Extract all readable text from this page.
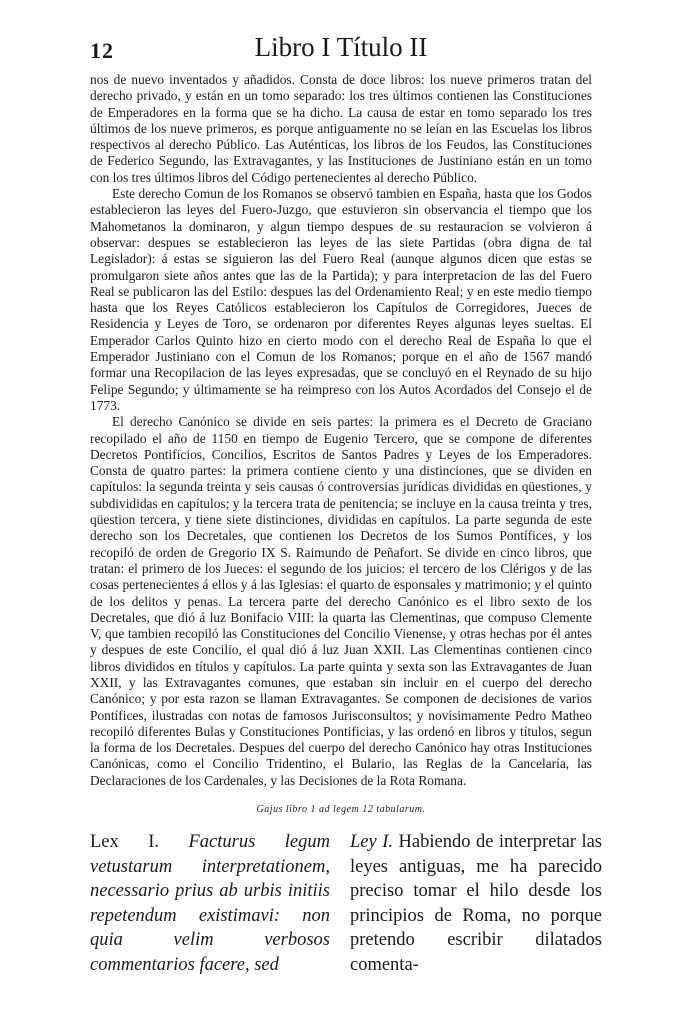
12	Libro I Título II

nos de nuevo inventados y añadidos. Consta de doce libros: los nueve primeros tratan del derecho privado, y están en un tomo separado: los tres últimos contienen las Constituciones de Emperadores en la forma que se ha dicho. La causa de estar en tomo separado los tres últimos de los nueve primeros, es porque antiguamente no se leían en las Escuelas los libros respectivos al derecho Público. Las Auténticas, los libros de los Feudos, las Constituciones de Federico Segundo, las Extravagantes, y las Instituciones de Justiniano están en un tomo con los tres últimos libros del Código pertenecientes al derecho Público.

Este derecho Comun de los Romanos se observó tambien en España, hasta que los Godos establecieron las leyes del Fuero-Juzgo, que estuvieron sin observancia el tiempo que los Mahometanos la dominaron, y algun tiempo despues de su restauracion se volvieron á observar: despues se establecieron las leyes de las siete Partidas (obra digna de tal Legislador): á estas se siguieron las del Fuero Real (aunque algunos dicen que estas se promulgaron siete años antes que las de la Partida); y para interpretacion de las del Fuero Real se publicaron las del Estilo: despues las del Ordenamiento Real; y en este medio tiempo hasta que los Reyes Católicos establecieron los Capítulos de Corregidores, Jueces de Residencia y Leyes de Toro, se ordenaron por diferentes Reyes algunas leyes sueltas. El Emperador Carlos Quinto hizo en cierto modo con el derecho Real de España lo que el Emperador Justiniano con el Comun de los Romanos; porque en el año de 1567 mandó formar una Recopilacion de las leyes expresadas, que se concluyó en el Reynado de su hijo Felipe Segundo; y últimamente se ha reimpreso con los Autos Acordados del Consejo el de 1773.

El derecho Canónico se divide en seis partes: la primera es el Decreto de Graciano recopilado el año de 1150 en tiempo de Eugenio Tercero, que se compone de diferentes Decretos Pontificios, Concilios, Escritos de Santos Padres y Leyes de los Emperadores. Consta de quatro partes: la primera contiene ciento y una distinciones, que se dividen en capítulos: la segunda treinta y seis causas ó controversias jurídicas divididas en qüestiones, y subdivididas en capítulos; y la tercera trata de penitencia; se incluye en la causa treinta y tres, qüestion tercera, y tiene siete distinciones, divididas en capítulos. La parte segunda de este derecho son los Decretales, que contienen los Decretos de los Sumos Pontífices, y los recopiló de orden de Gregorio IX S. Raimundo de Peñafort. Se divide en cinco libros, que tratan: el primero de los Jueces: el segundo de los juicios: el tercero de los Clérigos y de las cosas pertenecientes á ellos y á las Iglesias: el quarto de esponsales y matrimonio; y el quinto de los delitos y penas. La tercera parte del derecho Canónico es el libro sexto de los Decretales, que dió á luz Bonifacio VIII: la quarta las Clementinas, que compuso Clemente V, que tambien recopiló las Constituciones del Concilio Vienense, y otras hechas por él antes y despues de este Concilio, el qual dió á luz Juan XXII. Las Clementinas contienen cinco libros divididos en títulos y capítulos. La parte quinta y sexta son las Extravagantes de Juan XXII, y las Extravagantes comunes, que estaban sin incluir en el cuerpo del derecho Canónico; y por esta razon se llaman Extravagantes. Se componen de decisiones de varios Pontífices, ilustradas con notas de famosos Jurisconsultos; y novísimamente Pedro Matheo recopiló diferentes Bulas y Constituciones Pontificias, y las ordenó en libros y títulos, segun la forma de los Decretales. Despues del cuerpo del derecho Canónico hay otras Instituciones Canónicas, como el Concilio Tridentino, el Bulario, las Reglas de la Cancelaría, las Declaraciones de los Cardenales, y las Decisiones de la Rota Romana.

Gajus libro 1 ad legem 12 tabularum.
Lex I. Facturus legum vetustarum interpretationem, necessario prius ab urbis initiis repetendum existimavi: non quia velim verbosos commentarios facere, sed
Ley I. Habiendo de interpretar las leyes antiguas, me ha parecido preciso tomar el hilo desde los principios de Roma, no porque pretendo escribir dilatados comenta-
